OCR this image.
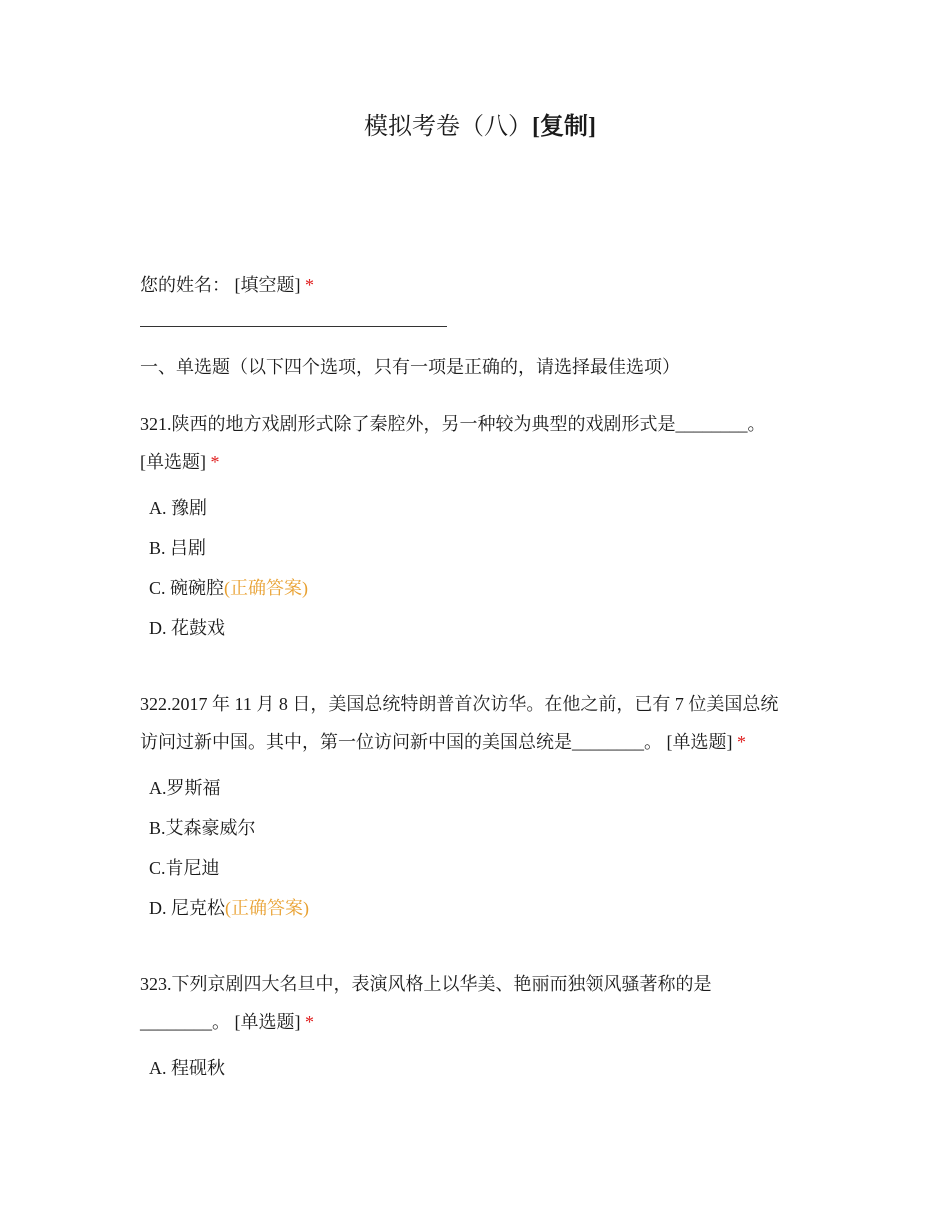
模拟考卷（八）[复制]
您的姓名： [填空题] *
一、单选题（以下四个选项，只有一项是正确的，请选择最佳选项）
321.陕西的地方戏剧形式除了秦腔外，另一种较为典型的戏剧形式是________。
[单选题] *
A. 豫剧
B. 吕剧
C. 碗碗腔(正确答案)
D. 花鼓戏
322.2017 年 11 月 8 日，美国总统特朗普首次访华。在他之前，已有 7 位美国总统
访问过新中国。其中，第一位访问新中国的美国总统是________。 [单选题] *
A.罗斯福
B.艾森豪威尔
C.肯尼迪
D. 尼克松(正确答案)
323.下列京剧四大名旦中，表演风格上以华美、艳丽而独领风骚著称的是
________。 [单选题] *
A. 程砚秋
